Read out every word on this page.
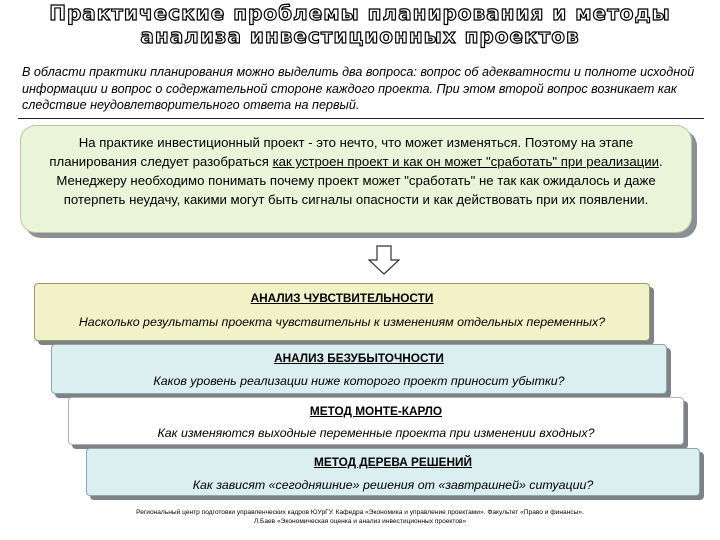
Практические проблемы планирования и методы
анализа инвестиционных проектов
В области практики планирования можно выделить два вопроса: вопрос об адекватности и полноте исходной информации и вопрос о содержательной стороне каждого проекта. При этом второй вопрос возникает как следствие неудовлетворительного ответа на первый.
На практике инвестиционный проект - это нечто, что может изменяться. Поэтому на этапе планирования следует разобраться как устроен проект и как он может "сработать" при реализации. Менеджеру необходимо понимать почему проект может "сработать" не так как ожидалось и даже потерпеть неудачу, какими могут быть сигналы опасности и как действовать при их появлении.
АНАЛИЗ ЧУВСТВИТЕЛЬНОСТИ
Насколько результаты проекта чувствительны к изменениям отдельных переменных?
АНАЛИЗ БЕЗУБЫТОЧНОСТИ
Каков уровень реализации ниже которого проект приносит убытки?
МЕТОД МОНТЕ-КАРЛО
Как изменяются выходные переменные проекта при изменении входных?
МЕТОД ДЕРЕВА РЕШЕНИЙ
Как зависят «сегодняшние» решения от «завтрашней» ситуации?
Региональный центр подготовки управленческих кадров ЮУрГУ. Кафедра «Экономика и управление проектами». Факультет «Право и финансы».
Л.Баев «Экономическая оценка и анализ инвестиционных проектов»
